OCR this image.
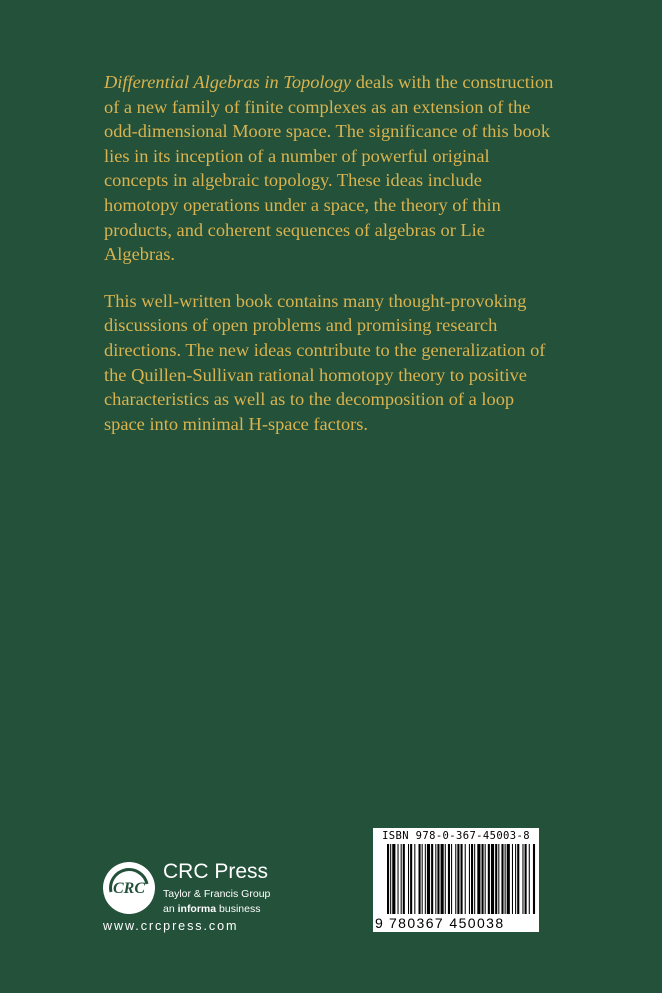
Differential Algebras in Topology deals with the construction of a new family of finite complexes as an extension of the odd-dimensional Moore space. The significance of this book lies in its inception of a number of powerful original concepts in algebraic topology. These ideas include homotopy operations under a space, the theory of thin products, and coherent sequences of algebras or Lie Algebras.

This well-written book contains many thought-provoking discussions of open problems and promising research directions. The new ideas contribute to the generalization of the Quillen-Sullivan rational homotopy theory to positive characteristics as well as to the decomposition of a loop space into minimal H-space factors.

CRC
CRC Press
Taylor & Francis Group
an informa business
www.crcpress.com
ISBN 978-0-367-45003-8
9 780367 450038
